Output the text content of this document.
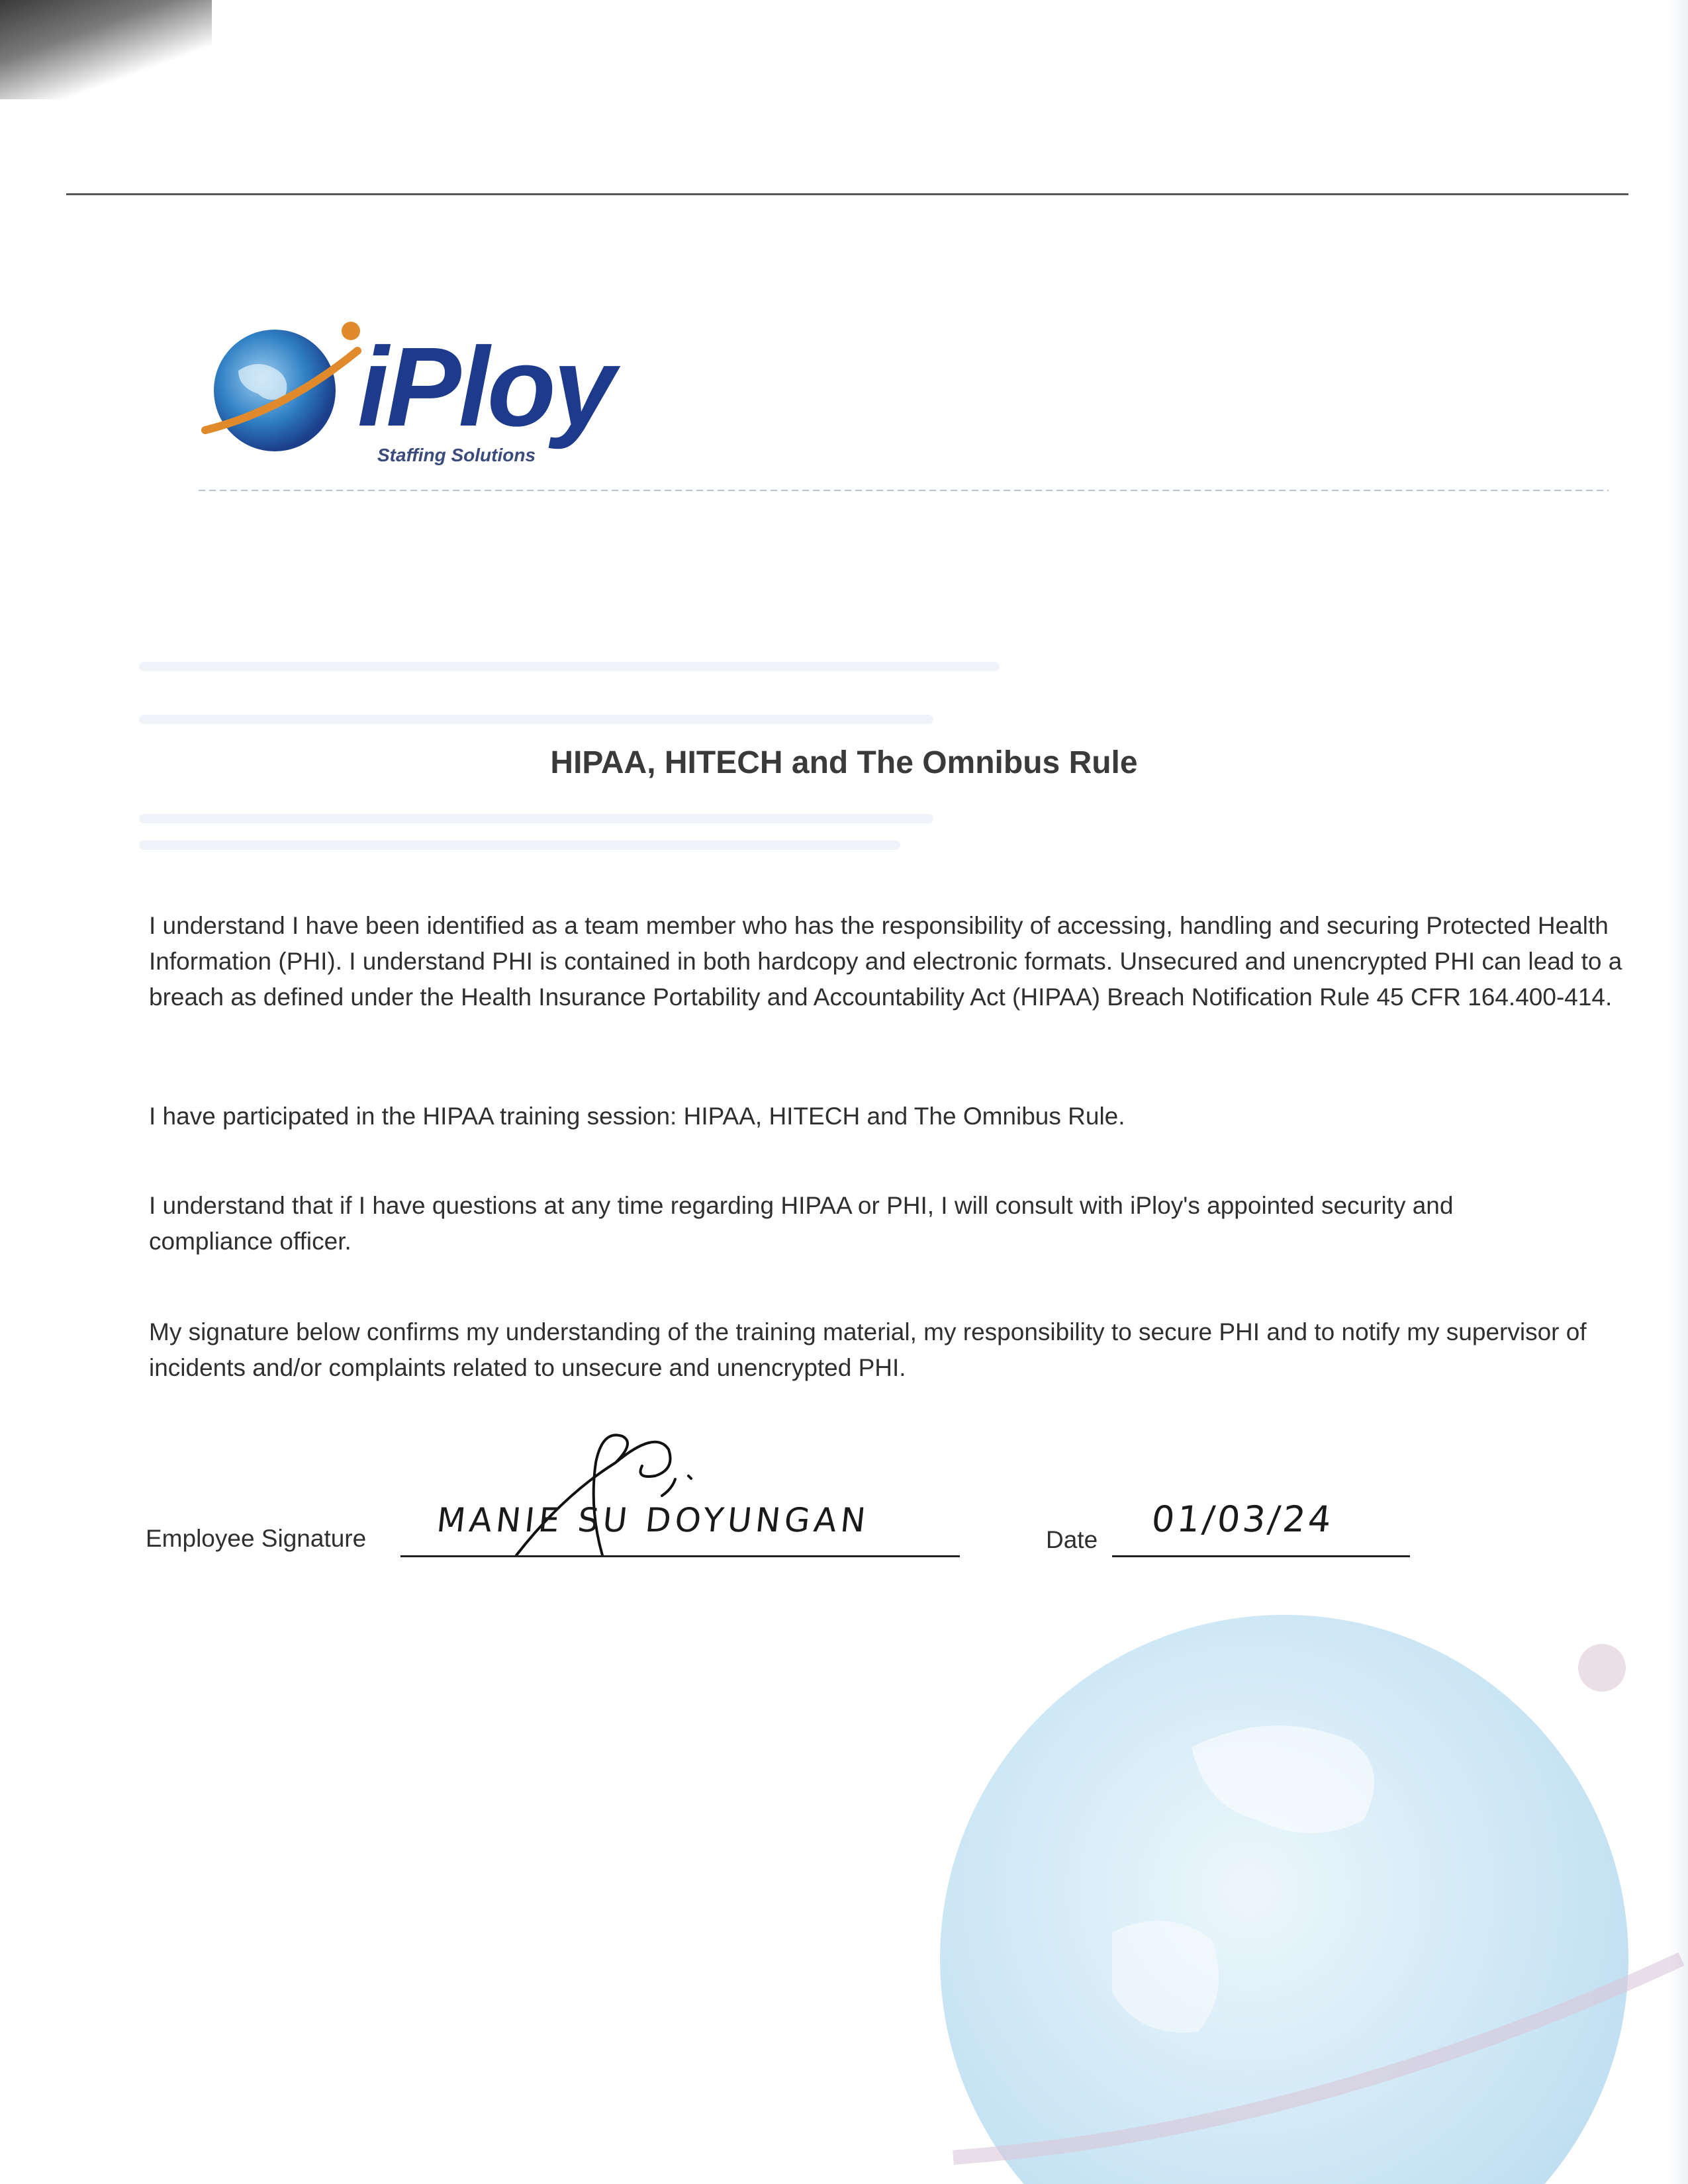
iPloy
Staffing Solutions
HIPAA, HITECH and The Omnibus Rule

I understand I have been identified as a team member who has the responsibility of accessing, handling and securing Protected Health Information (PHI). I understand PHI is contained in both hardcopy and electronic formats. Unsecured and unencrypted PHI can lead to a breach as defined under the Health Insurance Portability and Accountability Act (HIPAA) Breach Notification Rule 45 CFR 164.400-414.

I have participated in the HIPAA training session: HIPAA, HITECH and The Omnibus Rule.

I understand that if I have questions at any time regarding HIPAA or PHI, I will consult with iPloy's appointed security and
compliance officer.

My signature below confirms my understanding of the training material, my responsibility to secure PHI and to notify my supervisor of incidents and/or complaints related to unsecure and unencrypted PHI.

Employee Signature MANIE SU DOYUNGAN
Date 01/03/24
